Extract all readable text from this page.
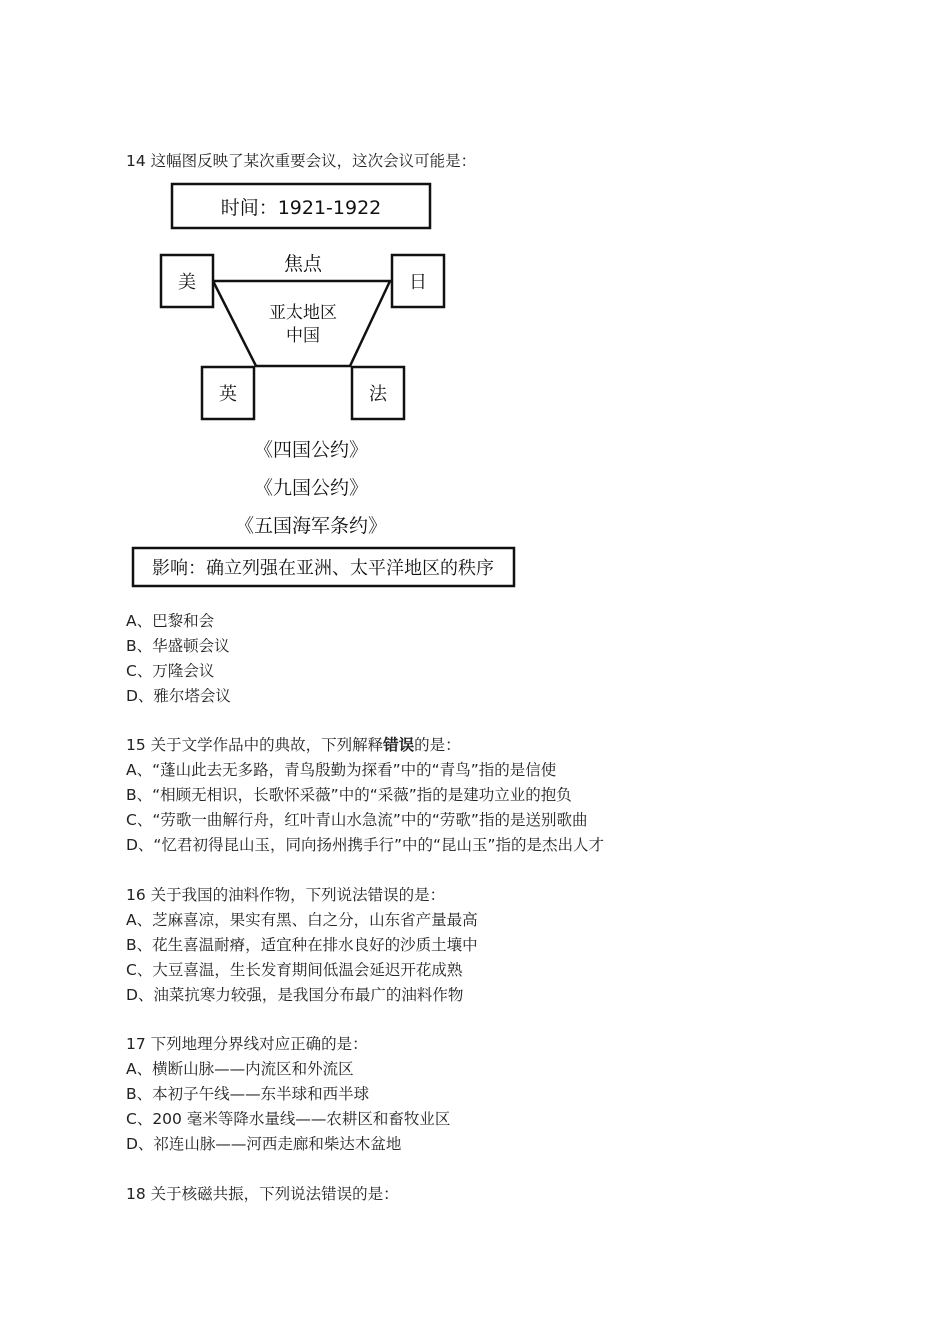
14 这幅图反映了某次重要会议，这次会议可能是：
时间：1921-1922
焦点
亚太地区
中国
美	日
英	法
《四国公约》
《九国公约》
《五国海军条约》
影响：确立列强在亚洲、太平洋地区的秩序
A、巴黎和会
B、华盛顿会议
C、万隆会议
D、雅尔塔会议
15 关于文学作品中的典故，下列解释错误的是：
A、“蓬山此去无多路，青鸟殷勤为探看”中的“青鸟”指的是信使
B、“相顾无相识，长歌怀采薇”中的“采薇”指的是建功立业的抱负
C、“劳歌一曲解行舟，红叶青山水急流”中的“劳歌”指的是送别歌曲
D、“忆君初得昆山玉，同向扬州携手行”中的“昆山玉”指的是杰出人才
16 关于我国的油料作物，下列说法错误的是：
A、芝麻喜凉，果实有黑、白之分，山东省产量最高
B、花生喜温耐瘠，适宜种在排水良好的沙质土壤中
C、大豆喜温，生长发育期间低温会延迟开花成熟
D、油菜抗寒力较强，是我国分布最广的油料作物
17 下列地理分界线对应正确的是：
A、横断山脉——内流区和外流区
B、本初子午线——东半球和西半球
C、200 毫米等降水量线——农耕区和畜牧业区
D、祁连山脉——河西走廊和柴达木盆地
18 关于核磁共振，下列说法错误的是：
